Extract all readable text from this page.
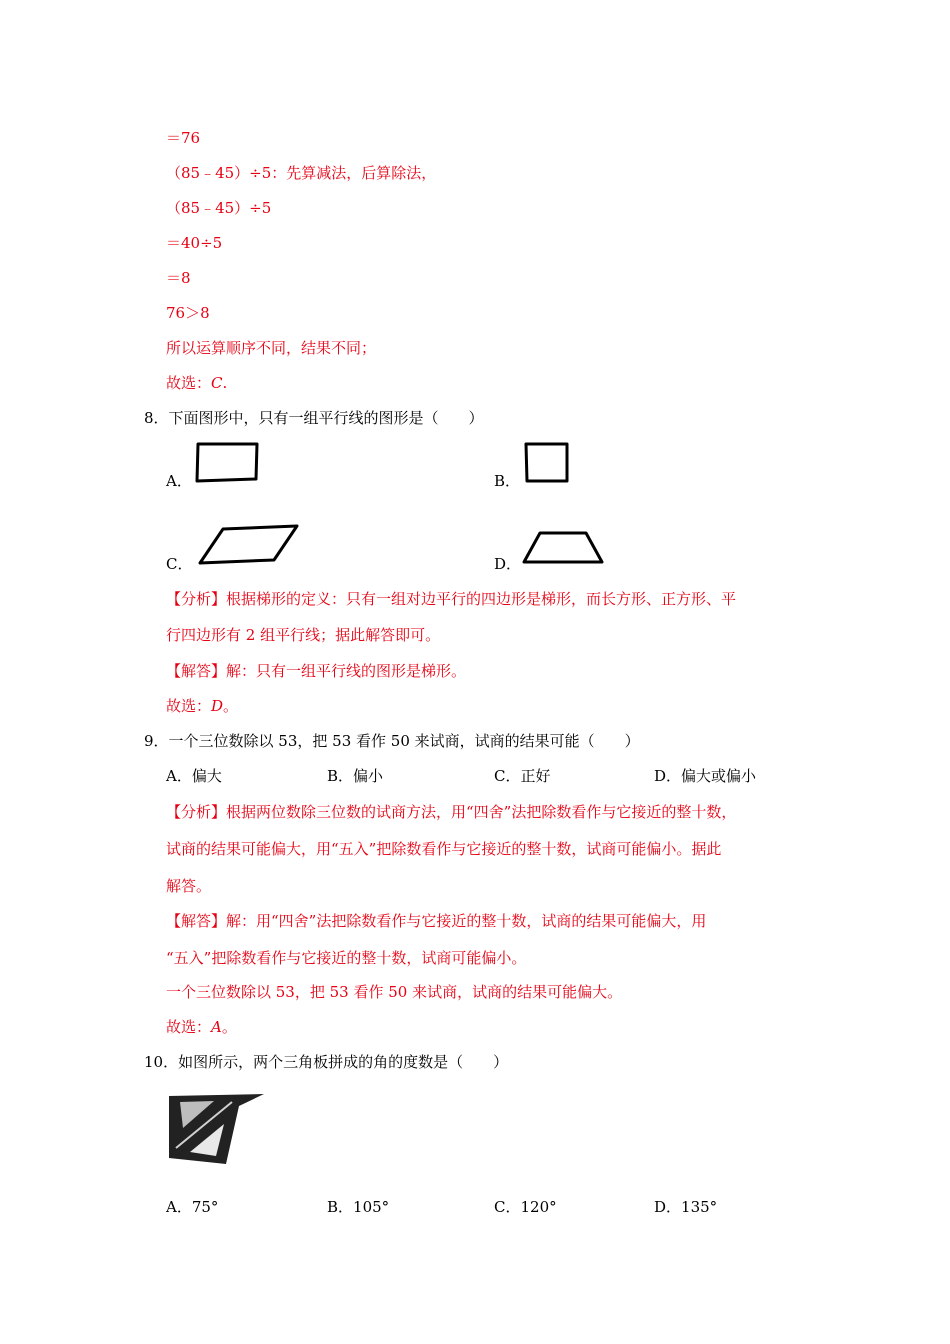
＝76
（85﹣45）÷5：先算减法，后算除法，
（85﹣45）÷5
＝40÷5
＝8
76＞8
所以运算顺序不同，结果不同；
故选：C.
8．下面图形中，只有一组平行线的图形是（　　）
A．	B．
C．	D．
【分析】根据梯形的定义：只有一组对边平行的四边形是梯形，而长方形、正方形、平
行四边形有 2 组平行线；据此解答即可。
【解答】解：只有一组平行线的图形是梯形。
故选：D。
9．一个三位数除以 53，把 53 看作 50 来试商，试商的结果可能（　　）
A．偏大	B．偏小	C．正好	D．偏大或偏小
【分析】根据两位数除三位数的试商方法，用“四舍”法把除数看作与它接近的整十数，
试商的结果可能偏大，用“五入”把除数看作与它接近的整十数，试商可能偏小。据此
解答。
【解答】解：用“四舍”法把除数看作与它接近的整十数，试商的结果可能偏大，用
“五入”把除数看作与它接近的整十数，试商可能偏小。
一个三位数除以 53，把 53 看作 50 来试商，试商的结果可能偏大。
故选：A。
10．如图所示，两个三角板拼成的角的度数是（　　）
A．75°	B．105°	C．120°	D．135°
